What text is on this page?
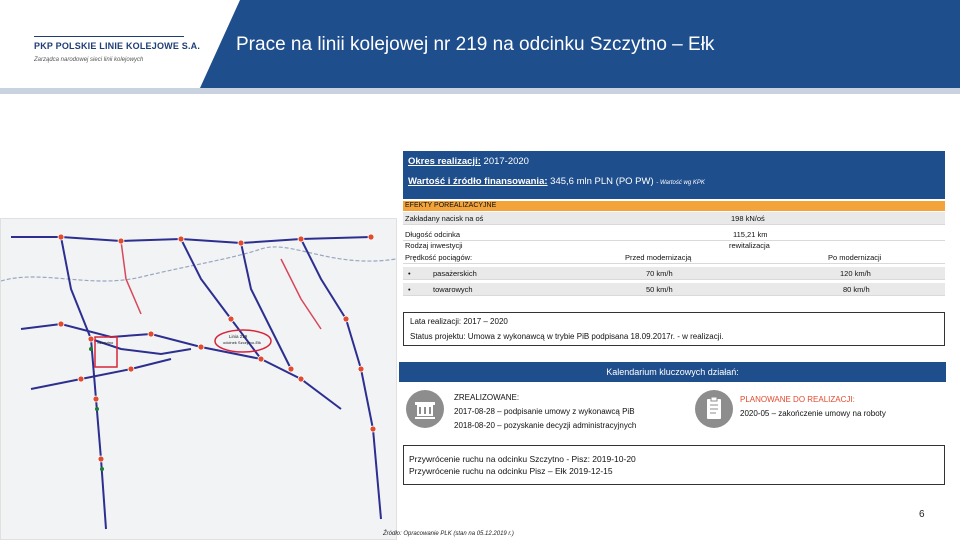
PKP POLSKIE LINIE KOLEJOWE S.A.
Zarządca narodowej sieci linii kolejowych
Prace na linii kolejowej nr 219 na odcinku Szczytno – Ełk
Linia 219
odcinek Szczytno-Ełk
Szczytno
Okres realizacji: 2017-2020
Wartość i źródło finansowania: 345,6 mln PLN (PO PW) - Wartość wg KPK
EFEKTY POREALIZACYJNE
Zakładany nacisk na oś	198 kN/oś
Długość odcinka	115,21 km
Rodzaj inwestycji	rewitalizacja
Prędkość pociągów:	Przed modernizacją	Po modernizacji
•	pasażerskich	70 km/h	120 km/h
•	towarowych	50 km/h	80 km/h
Lata realizacji: 2017 – 2020
Status projektu: Umowa z wykonawcą w trybie PiB podpisana 18.09.2017r. - w realizacji.
Kalendarium kluczowych działań:
ZREALIZOWANE:
2017-08-28 – podpisanie umowy z wykonawcą PiB
2018-08-20 – pozyskanie decyzji administracyjnych
PLANOWANE DO REALIZACJI:
2020-05 – zakończenie umowy na roboty
Przywrócenie ruchu na odcinku Szczytno - Pisz: 2019-10-20
Przywrócenie ruchu na odcinku Pisz – Ełk 2019-12-15
6
Źródło: Opracowanie PLK (stan na 05.12.2019 r.)
